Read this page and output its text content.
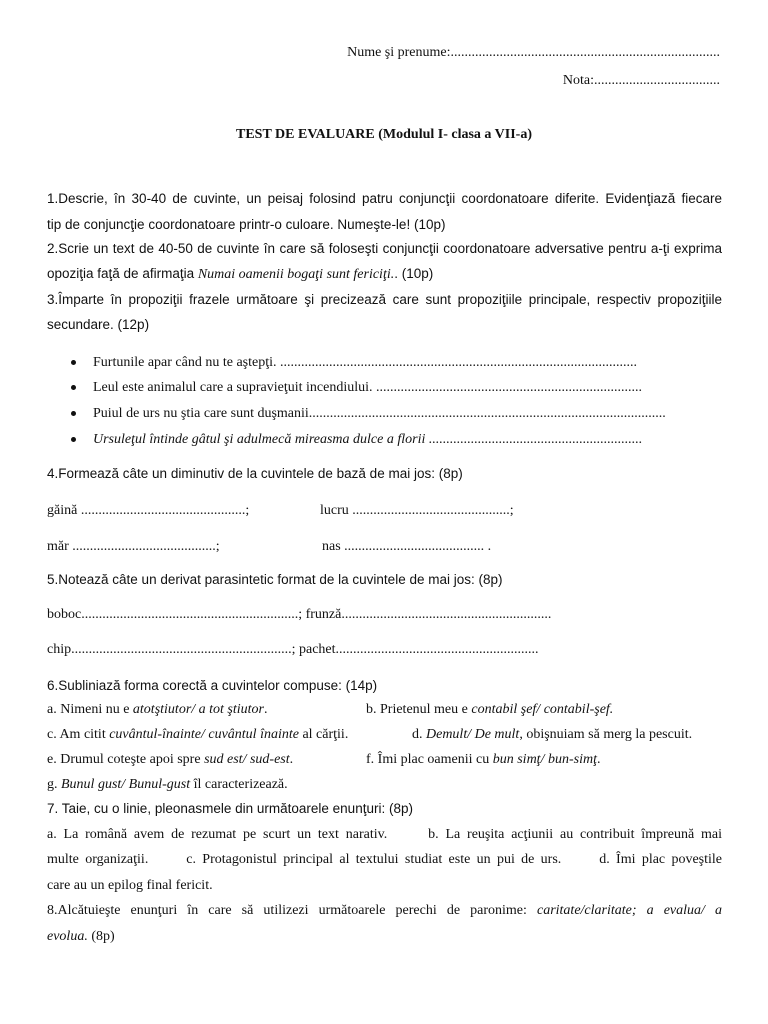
Nume şi prenume:.............................................................................
Nota:....................................
TEST DE EVALUARE (Modulul I- clasa a VII-a)
1.Descrie, în 30-40 de cuvinte, un peisaj folosind patru conjuncţii coordonatoare diferite. Evidenţiază fiecare
tip de conjuncţie coordonatoare printr-o culoare. Numeşte-le! (10p)
2.Scrie un text de 40-50 de cuvinte în care să foloseşti conjuncţii coordonatoare adversative pentru a-ţi exprima
opoziţia faţă de afirmaţia Numai oamenii bogaţi sunt fericiţi.. (10p)
3.Împarte în propoziţii frazele următoare şi precizează care sunt propoziţiile principale, respectiv propoziţiile
secundare. (12p)
Furtunile apar când nu te aştepţi. ......................................................................................................
Leul este animalul care a supravieţuit incendiului. ............................................................................
Puiul de urs nu ştia care sunt duşmanii......................................................................................................
Ursuleţul întinde gâtul şi adulmecă mireasma dulce a florii .............................................................
4.Formează câte un diminutiv de la cuvintele de bază de mai jos: (8p)
găină ...............................................;	lucru .............................................;
măr .........................................;	nas ........................................ .
5.Notează câte un derivat parasintetic format de la cuvintele de mai jos: (8p)
boboc..............................................................; frunză............................................................
chip...............................................................; pachet..........................................................
6.Subliniază forma corectă a cuvintelor compuse: (14p)
a. Nimeni nu e atotştiutor/ a tot ştiutor.	b. Prietenul meu e contabil şef/ contabil-şef.
c. Am citit cuvântul-înainte/ cuvântul înainte al cărţii.	d. Demult/ De mult, obişnuiam să merg la pescuit.
e. Drumul coteşte apoi spre sud est/ sud-est.	f. Îmi plac oamenii cu bun simţ/ bun-simţ.
g. Bunul gust/ Bunul-gust îl caracterizează.
7. Taie, cu o linie, pleonasmele din următoarele enunţuri: (8p)
a. La română avem de rezumat pe scurt un text narativ.      b. La reuşita acţiunii au contribuit împreună mai
multe organizaţii.      c. Protagonistul principal al textului studiat este un pui de urs.      d. Îmi plac poveştile
care au un epilog final fericit.
8.Alcătuieşte enunţuri în care să utilizezi următoarele perechi de paronime: caritate/claritate; a evalua/ a
evolua. (8p)
